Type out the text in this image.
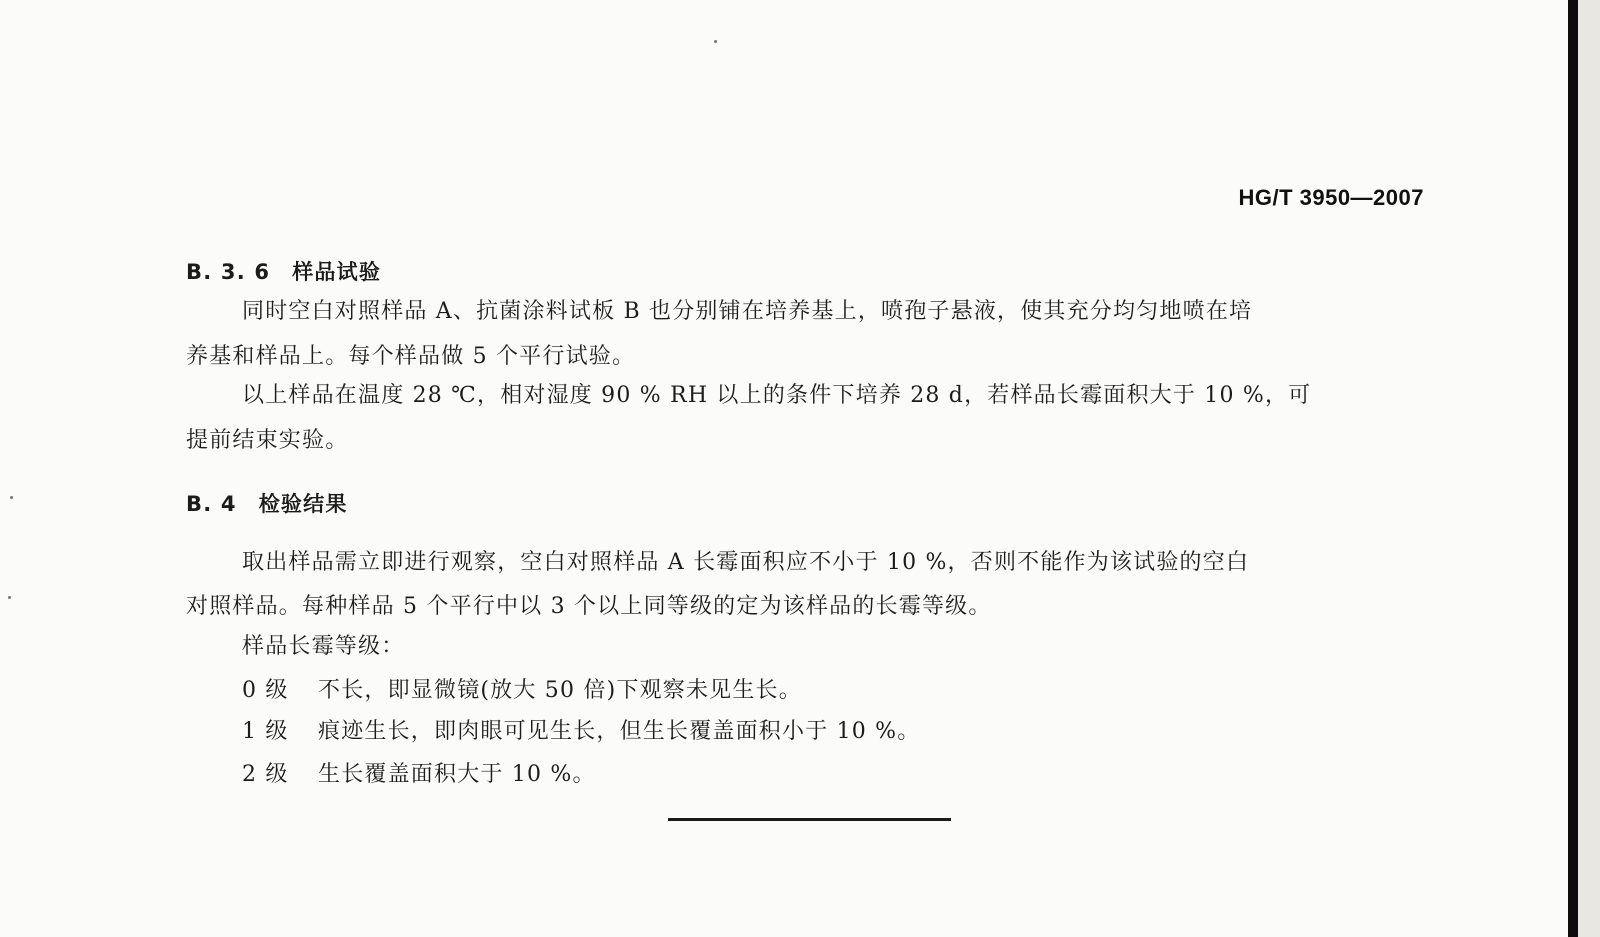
HG/T 3950—2007
B. 3. 6 样品试验
同时空白对照样品 A、抗菌涂料试板 B 也分别铺在培养基上，喷孢子悬液，使其充分均匀地喷在培
养基和样品上。每个样品做 5 个平行试验。
以上样品在温度 28 ℃，相对湿度 90 % RH 以上的条件下培养 28 d，若样品长霉面积大于 10 %，可
提前结束实验。
B. 4 检验结果
取出样品需立即进行观察，空白对照样品 A 长霉面积应不小于 10 %，否则不能作为该试验的空白
对照样品。每种样品 5 个平行中以 3 个以上同等级的定为该样品的长霉等级。
样品长霉等级：
0 级 不长，即显微镜(放大 50 倍)下观察未见生长。
1 级 痕迹生长，即肉眼可见生长，但生长覆盖面积小于 10 %。
2 级 生长覆盖面积大于 10 %。
